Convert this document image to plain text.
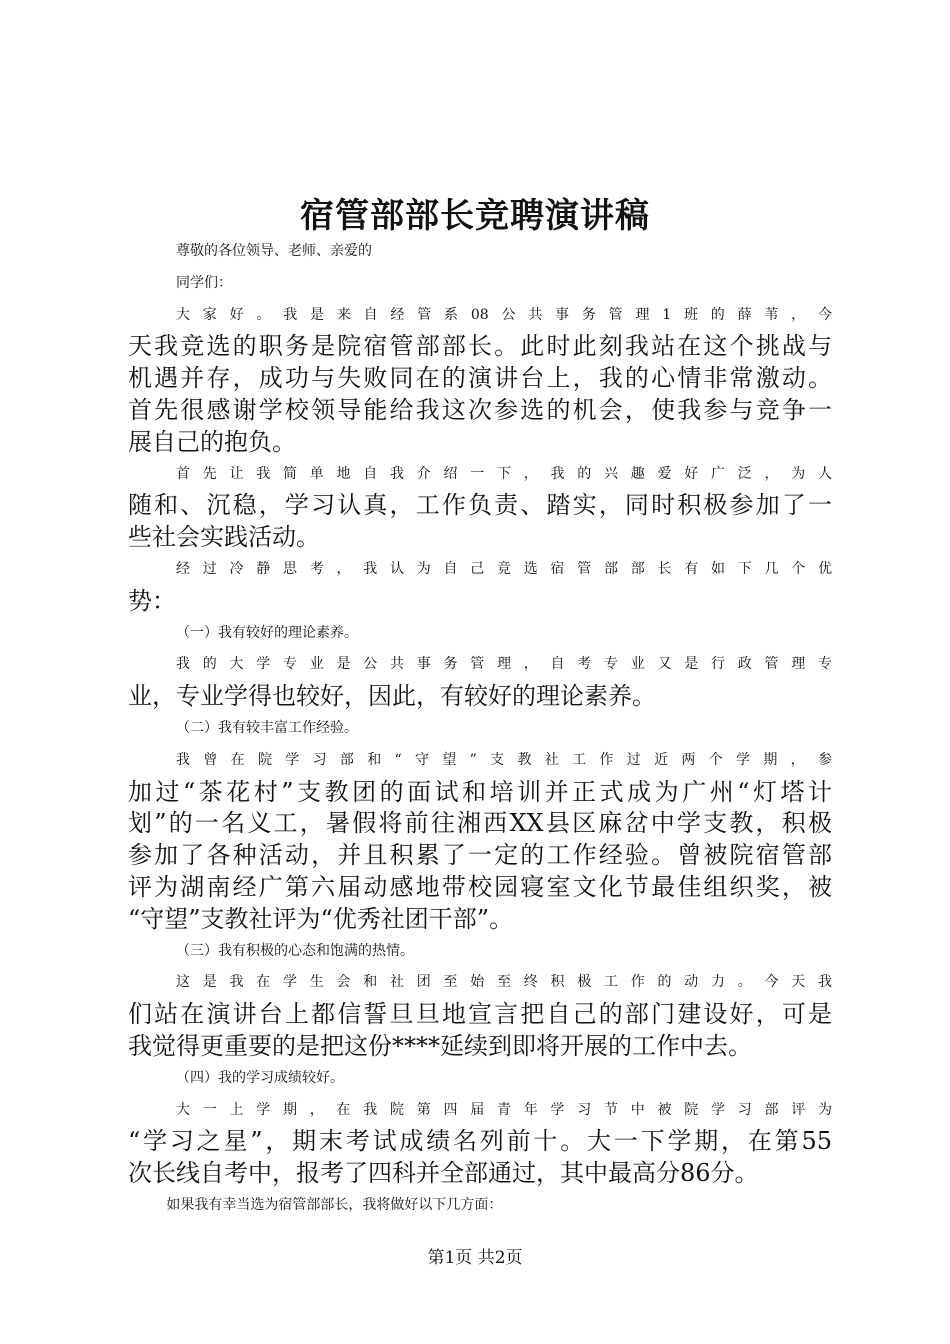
宿管部部长竞聘演讲稿
尊敬的各位领导、老师、亲爱的
同学们：
大家好。我是来自经管系08公共事务管理1班的薛苇，今
天我竞选的职务是院宿管部部长。此时此刻我站在这个挑战与
机遇并存，成功与失败同在的演讲台上，我的心情非常激动。
首先很感谢学校领导能给我这次参选的机会，使我参与竞争一
展自己的抱负。
首先让我简单地自我介绍一下，我的兴趣爱好广泛，为人
随和、沉稳，学习认真，工作负责、踏实，同时积极参加了一
些社会实践活动。
经过冷静思考，我认为自己竞选宿管部部长有如下几个优
势：
（一）我有较好的理论素养。
我的大学专业是公共事务管理，自考专业又是行政管理专
业，专业学得也较好，因此，有较好的理论素养。
（二）我有较丰富工作经验。
我曾在院学习部和“守望”支教社工作过近两个学期，参
加过“茶花村”支教团的面试和培训并正式成为广州“灯塔计
划”的一名义工，暑假将前往湘西XX县区麻岔中学支教，积极
参加了各种活动，并且积累了一定的工作经验。曾被院宿管部
评为湖南经广第六届动感地带校园寝室文化节最佳组织奖，被
“守望”支教社评为“优秀社团干部”。
（三）我有积极的心态和饱满的热情。
这是我在学生会和社团至始至终积极工作的动力。今天我
们站在演讲台上都信誓旦旦地宣言把自己的部门建设好，可是
我觉得更重要的是把这份****延续到即将开展的工作中去。
（四）我的学习成绩较好。
大一上学期，在我院第四届青年学习节中被院学习部评为
“学习之星”，期末考试成绩名列前十。大一下学期，在第55
次长线自考中，报考了四科并全部通过，其中最高分86分。
如果我有幸当选为宿管部部长，我将做好以下几方面：
第1页 共2页
